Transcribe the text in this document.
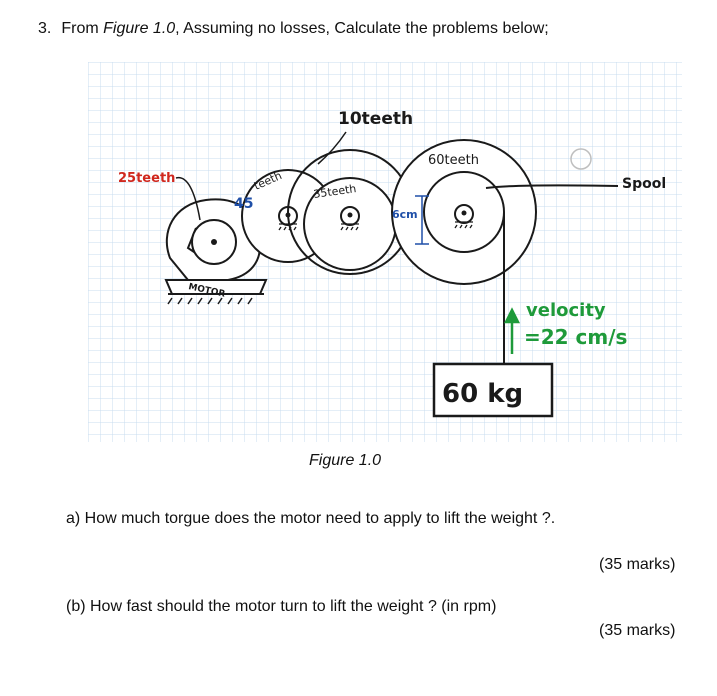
3. From Figure 1.0, Assuming no losses, Calculate the problems below;
MOTOR
6cm
60 kg
velocity
=22 cm/s
25teeth
45
teeth
10teeth
35teeth
60teeth
Spool
Figure 1.0
a) How much torgue does the motor need to apply to lift the weight ?.
(35 marks)
(b) How fast should the motor turn to lift the weight ? (in rpm)
(35 marks)
